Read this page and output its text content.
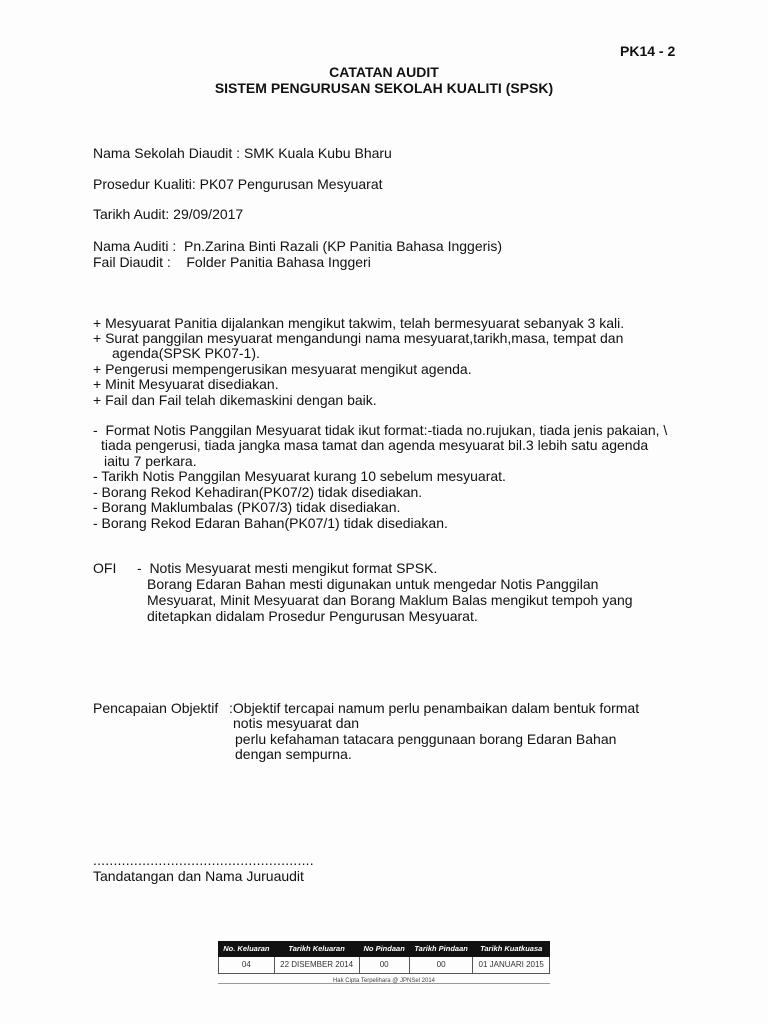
PK14 - 2
CATATAN AUDIT
SISTEM PENGURUSAN SEKOLAH KUALITI (SPSK)
Nama Sekolah Diaudit : SMK Kuala Kubu Bharu
Prosedur Kualiti: PK07 Pengurusan Mesyuarat
Tarikh Audit: 29/09/2017
Nama Auditi :  Pn.Zarina Binti Razali (KP Panitia Bahasa Inggeris)
Fail Diaudit :    Folder Panitia Bahasa Inggeri
+ Mesyuarat Panitia dijalankan mengikut takwim, telah bermesyuarat sebanyak 3 kali.
+ Surat panggilan mesyuarat mengandungi nama mesyuarat,tarikh,masa, tempat dan
agenda(SPSK PK07-1).
+ Pengerusi mempengerusikan mesyuarat mengikut agenda.
+ Minit Mesyuarat disediakan.
+ Fail dan Fail telah dikemaskini dengan baik.
-  Format Notis Panggilan Mesyuarat tidak ikut format:-tiada no.rujukan, tiada jenis pakaian, \
tiada pengerusi, tiada jangka masa tamat dan agenda mesyuarat bil.3 lebih satu agenda
iaitu 7 perkara.
- Tarikh Notis Panggilan Mesyuarat kurang 10 sebelum mesyuarat.
- Borang Rekod Kehadiran(PK07/2) tidak disediakan.
- Borang Maklumbalas (PK07/3) tidak disediakan.
- Borang Rekod Edaran Bahan(PK07/1) tidak disediakan.
OFI -  Notis Mesyuarat mesti mengikut format SPSK.
Borang Edaran Bahan mesti digunakan untuk mengedar Notis Panggilan
Mesyuarat, Minit Mesyuarat dan Borang Maklum Balas mengikut tempoh yang
ditetapkan didalam Prosedur Pengurusan Mesyuarat.
Pencapaian Objektif :Objektif tercapai namum perlu penambaikan dalam bentuk format
notis mesyuarat dan
perlu kefahaman tatacara penggunaan borang Edaran Bahan
dengan sempurna.
......................................................
Tandatangan dan Nama Juruaudit
No. Keluaran	Tarikh Keluaran	No Pindaan	Tarikh Pindaan	Tarikh Kuatkuasa
04	22 DISEMBER 2014	00	00	01 JANUARI 2015
Hak Cipta Terpelihara @ JPNSel 2014
